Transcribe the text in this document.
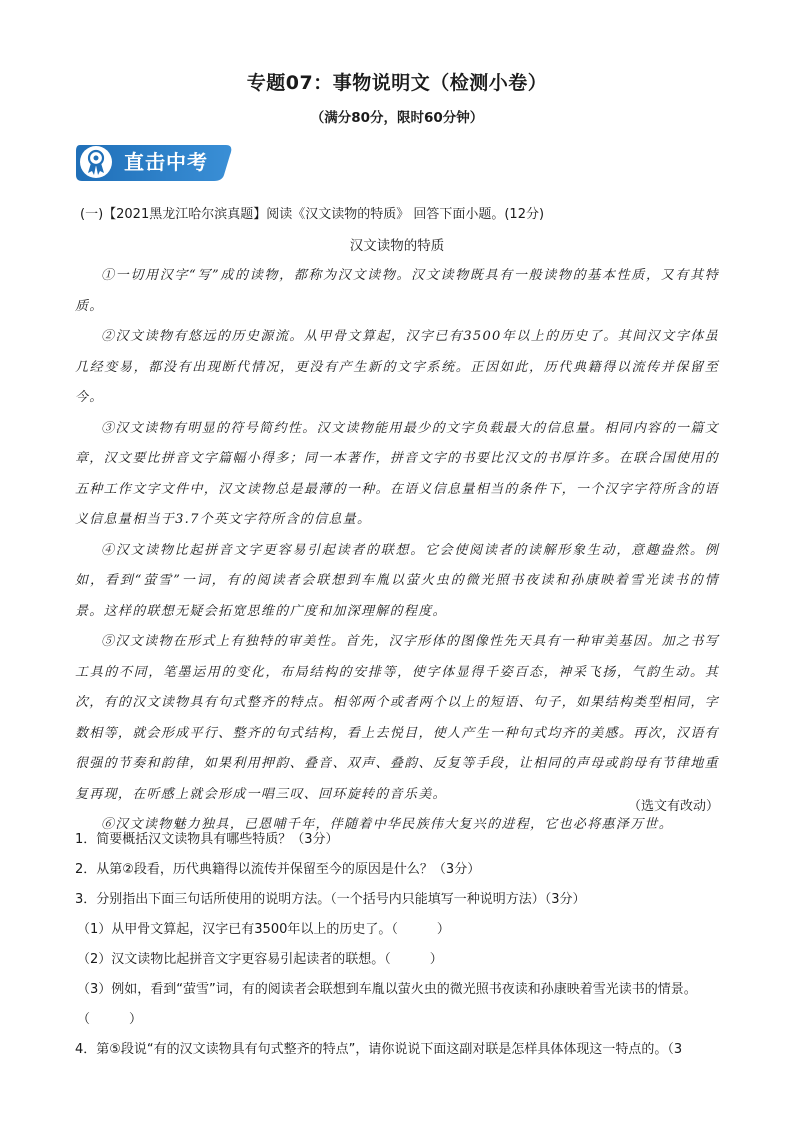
专题07：事物说明文（检测小卷）
（满分80分，限时60分钟）
直击中考
(一)【2021黑龙江哈尔滨真题】阅读《汉文读物的特质》 回答下面小题。(12分)
汉文读物的特质

①一切用汉字“写”成的读物，都称为汉文读物。汉文读物既具有一般读物的基本性质，又有其特质。

②汉文读物有悠远的历史源流。从甲骨文算起，汉字已有3500年以上的历史了。其间汉文字体虽几经变易，都没有出现断代情况，更没有产生新的文字系统。正因如此，历代典籍得以流传并保留至今。

③汉文读物有明显的符号简约性。汉文读物能用最少的文字负载最大的信息量。相同内容的一篇文章，汉文要比拼音文字篇幅小得多；同一本著作，拼音文字的书要比汉文的书厚许多。在联合国使用的五种工作文字文件中，汉文读物总是最薄的一种。在语义信息量相当的条件下，一个汉字字符所含的语义信息量相当于3.7个英文字符所含的信息量。

④汉文读物比起拼音文字更容易引起读者的联想。它会使阅读者的读解形象生动，意趣盎然。例如，看到“萤雪”一词，有的阅读者会联想到车胤以萤火虫的微光照书夜读和孙康映着雪光读书的情景。这样的联想无疑会拓宽思维的广度和加深理解的程度。

⑤汉文读物在形式上有独特的审美性。首先，汉字形体的图像性先天具有一种审美基因。加之书写工具的不同，笔墨运用的变化，布局结构的安排等，使字体显得千姿百态，神采飞扬，气韵生动。其次，有的汉文读物具有句式整齐的特点。相邻两个或者两个以上的短语、句子，如果结构类型相同，字数相等，就会形成平行、整齐的句式结构，看上去悦目，使人产生一种句式均齐的美感。再次，汉语有很强的节奏和韵律，如果利用押韵、叠音、双声、叠韵、反复等手段，让相同的声母或韵母有节律地重复再现，在听感上就会形成一唱三叹、回环旋转的音乐美。

⑥汉文读物魅力独具，已恩哺千年，伴随着中华民族伟大复兴的进程，它也必将惠泽万世。

（选文有改动）
1．简要概括汉文读物具有哪些特质？（3分）
2．从第②段看，历代典籍得以流传并保留至今的原因是什么？（3分）
3．分别指出下面三句话所使用的说明方法。（一个括号内只能填写一种说明方法）（3分）
（1）从甲骨文算起，汉字已有3500年以上的历史了。（　　　）
（2）汉文读物比起拼音文字更容易引起读者的联想。（　　　）
（3）例如，看到“萤雪”词，有的阅读者会联想到车胤以萤火虫的微光照书夜读和孙康映着雪光读书的情景。
（　　　）
4．第⑤段说“有的汉文读物具有句式整齐的特点”，请你说说下面这副对联是怎样具体体现这一特点的。（3
